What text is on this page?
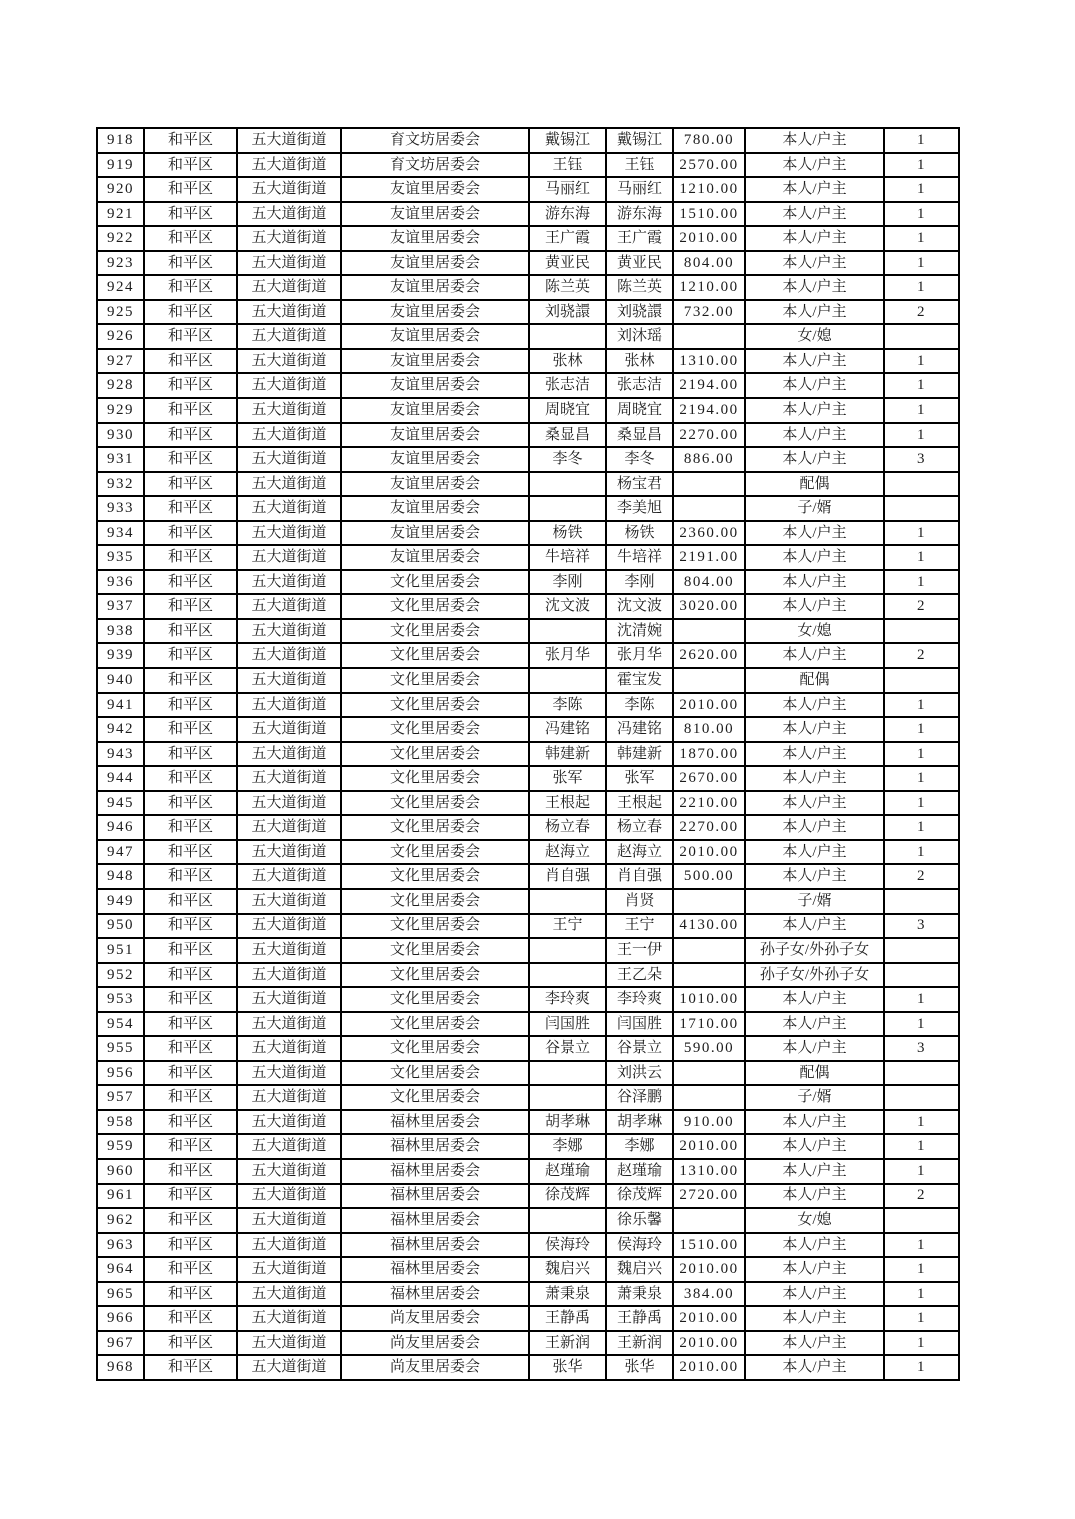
918	和平区	五大道街道	育文坊居委会	戴锡江	戴锡江	780.00	本人/户主	1
919	和平区	五大道街道	育文坊居委会	王钰	王钰	2570.00	本人/户主	1
920	和平区	五大道街道	友谊里居委会	马丽红	马丽红	1210.00	本人/户主	1
921	和平区	五大道街道	友谊里居委会	游东海	游东海	1510.00	本人/户主	1
922	和平区	五大道街道	友谊里居委会	王广霞	王广霞	2010.00	本人/户主	1
923	和平区	五大道街道	友谊里居委会	黄亚民	黄亚民	804.00	本人/户主	1
924	和平区	五大道街道	友谊里居委会	陈兰英	陈兰英	1210.00	本人/户主	1
925	和平区	五大道街道	友谊里居委会	刘骁譞	刘骁譞	732.00	本人/户主	2
926	和平区	五大道街道	友谊里居委会		刘沐瑶		女/媳	
927	和平区	五大道街道	友谊里居委会	张林	张林	1310.00	本人/户主	1
928	和平区	五大道街道	友谊里居委会	张志洁	张志洁	2194.00	本人/户主	1
929	和平区	五大道街道	友谊里居委会	周晓宜	周晓宜	2194.00	本人/户主	1
930	和平区	五大道街道	友谊里居委会	桑显昌	桑显昌	2270.00	本人/户主	1
931	和平区	五大道街道	友谊里居委会	李冬	李冬	886.00	本人/户主	3
932	和平区	五大道街道	友谊里居委会		杨宝君		配偶	
933	和平区	五大道街道	友谊里居委会		李美旭		子/婿	
934	和平区	五大道街道	友谊里居委会	杨铁	杨铁	2360.00	本人/户主	1
935	和平区	五大道街道	友谊里居委会	牛培祥	牛培祥	2191.00	本人/户主	1
936	和平区	五大道街道	文化里居委会	李刚	李刚	804.00	本人/户主	1
937	和平区	五大道街道	文化里居委会	沈文波	沈文波	3020.00	本人/户主	2
938	和平区	五大道街道	文化里居委会		沈清婉		女/媳	
939	和平区	五大道街道	文化里居委会	张月华	张月华	2620.00	本人/户主	2
940	和平区	五大道街道	文化里居委会		霍宝发		配偶	
941	和平区	五大道街道	文化里居委会	李陈	李陈	2010.00	本人/户主	1
942	和平区	五大道街道	文化里居委会	冯建铭	冯建铭	810.00	本人/户主	1
943	和平区	五大道街道	文化里居委会	韩建新	韩建新	1870.00	本人/户主	1
944	和平区	五大道街道	文化里居委会	张军	张军	2670.00	本人/户主	1
945	和平区	五大道街道	文化里居委会	王根起	王根起	2210.00	本人/户主	1
946	和平区	五大道街道	文化里居委会	杨立春	杨立春	2270.00	本人/户主	1
947	和平区	五大道街道	文化里居委会	赵海立	赵海立	2010.00	本人/户主	1
948	和平区	五大道街道	文化里居委会	肖自强	肖自强	500.00	本人/户主	2
949	和平区	五大道街道	文化里居委会		肖贤		子/婿	
950	和平区	五大道街道	文化里居委会	王宁	王宁	4130.00	本人/户主	3
951	和平区	五大道街道	文化里居委会		王一伊		孙子女/外孙子女	
952	和平区	五大道街道	文化里居委会		王乙朵		孙子女/外孙子女	
953	和平区	五大道街道	文化里居委会	李玲爽	李玲爽	1010.00	本人/户主	1
954	和平区	五大道街道	文化里居委会	闫国胜	闫国胜	1710.00	本人/户主	1
955	和平区	五大道街道	文化里居委会	谷景立	谷景立	590.00	本人/户主	3
956	和平区	五大道街道	文化里居委会		刘洪云		配偶	
957	和平区	五大道街道	文化里居委会		谷泽鹏		子/婿	
958	和平区	五大道街道	福林里居委会	胡孝琳	胡孝琳	910.00	本人/户主	1
959	和平区	五大道街道	福林里居委会	李娜	李娜	2010.00	本人/户主	1
960	和平区	五大道街道	福林里居委会	赵瑾瑜	赵瑾瑜	1310.00	本人/户主	1
961	和平区	五大道街道	福林里居委会	徐茂辉	徐茂辉	2720.00	本人/户主	2
962	和平区	五大道街道	福林里居委会		徐乐馨		女/媳	
963	和平区	五大道街道	福林里居委会	侯海玲	侯海玲	1510.00	本人/户主	1
964	和平区	五大道街道	福林里居委会	魏启兴	魏启兴	2010.00	本人/户主	1
965	和平区	五大道街道	福林里居委会	萧秉泉	萧秉泉	384.00	本人/户主	1
966	和平区	五大道街道	尚友里居委会	王静禹	王静禹	2010.00	本人/户主	1
967	和平区	五大道街道	尚友里居委会	王新润	王新润	2010.00	本人/户主	1
968	和平区	五大道街道	尚友里居委会	张华	张华	2010.00	本人/户主	1
